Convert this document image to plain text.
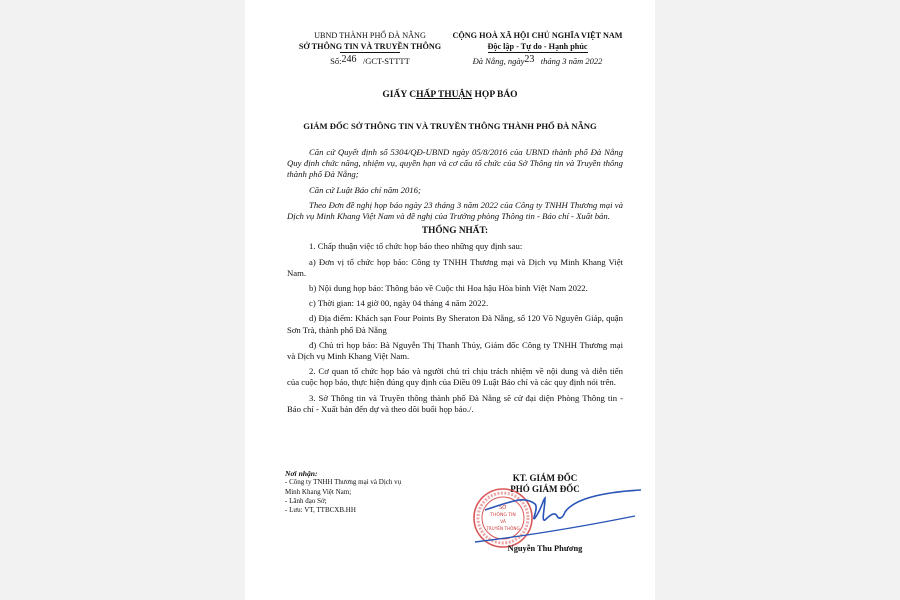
UBND THÀNH PHỐ ĐÀ NẴNG
SỞ THÔNG TIN VÀ TRUYỀN THÔNG
Số:246 /GCT-STTTT
CỘNG HOÀ XÃ HỘI CHỦ NGHĨA VIỆT NAM
Độc lập - Tự do - Hạnh phúc
Đà Nẵng, ngày23 tháng 3 năm 2022
GIẤY CHẤP THUẬN HỌP BÁO
GIÁM ĐỐC SỞ THÔNG TIN VÀ TRUYỀN THÔNG THÀNH PHỐ ĐÀ NẴNG

Căn cứ Quyết định số 5304/QĐ-UBND ngày 05/8/2016 của UBND thành phố Đà Nẵng Quy định chức năng, nhiệm vụ, quyền hạn và cơ cấu tổ chức của Sở Thông tin và Truyền thông thành phố Đà Nẵng;

Căn cứ Luật Báo chí năm 2016;

Theo Đơn đề nghị họp báo ngày 23 tháng 3 năm 2022 của Công ty TNHH Thương mại và Dịch vụ Minh Khang Việt Nam và đề nghị của Trưởng phòng Thông tin - Báo chí - Xuất bản.

THỐNG NHẤT:

1. Chấp thuận việc tổ chức họp báo theo những quy định sau:

a) Đơn vị tổ chức họp báo: Công ty TNHH Thương mại và Dịch vụ Minh Khang Việt Nam.

b) Nội dung họp báo: Thông báo về Cuộc thi Hoa hậu Hòa bình Việt Nam 2022.

c) Thời gian: 14 giờ 00, ngày 04 tháng 4 năm 2022.

d) Địa điểm: Khách sạn Four Points By Sheraton Đà Nẵng, số 120 Võ Nguyên Giáp, quận Sơn Trà, thành phố Đà Nẵng

đ) Chủ trì họp báo: Bà Nguyễn Thị Thanh Thủy, Giám đốc Công ty TNHH Thương mại và Dịch vụ Minh Khang Việt Nam.

2. Cơ quan tổ chức họp báo và người chủ trì chịu trách nhiệm về nội dung và diễn tiến của cuộc họp báo, thực hiện đúng quy định của Điều 09 Luật Báo chí và các quy định nói trên.

3. Sở Thông tin và Truyền thông thành phố Đà Nẵng sẽ cử đại diện Phòng Thông tin - Báo chí - Xuất bản đến dự và theo dõi buổi họp báo./.

Nơi nhận:
- Công ty TNHH Thương mại và Dịch vụ
Minh Khang Việt Nam;
- Lãnh đạo Sở;
- Lưu: VT, TTBCXB.HH
KT. GIÁM ĐỐC
PHÓ GIÁM ĐỐC
SỞ
THÔNG TIN
VÀ
TRUYỀN THÔNG
Nguyễn Thu Phương
